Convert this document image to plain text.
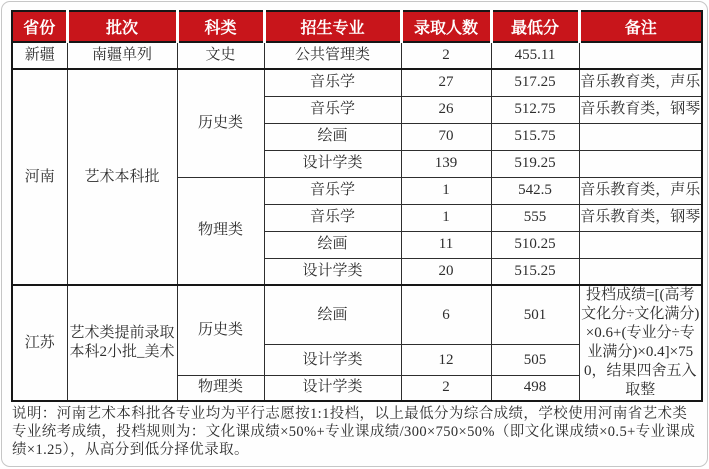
省份	批次	科类	招生专业	录取人数	最低分	备注
新疆	南疆单列	文史	公共管理类	2	455.11	
河南	艺术本科批	历史类	音乐学	27	517.25	音乐教育类，声乐
			音乐学	26	512.75	音乐教育类，钢琴
			绘画	70	515.75	
			设计学类	139	519.25	
		物理类	音乐学	1	542.5	音乐教育类，声乐
			音乐学	1	555	音乐教育类，钢琴
			绘画	11	510.25	
			设计学类	20	515.25	
江苏	艺术类提前录取本科2小批_美术	历史类	绘画	6	501	投档成绩=[(高考文化分÷文化满分)×0.6+(专业分÷专业满分)×0.4]×750，结果四舍五入取整
			设计学类	12	505	
		物理类	设计学类	2	498	
说明：河南艺术本科批各专业均为平行志愿按1:1投档，以上最低分为综合成绩，学校使用河南省艺术类专业统考成绩，投档规则为：文化课成绩×50%+专业课成绩/300×750×50%（即文化课成绩×0.5+专业课成绩×1.25），从高分到低分择优录取。
